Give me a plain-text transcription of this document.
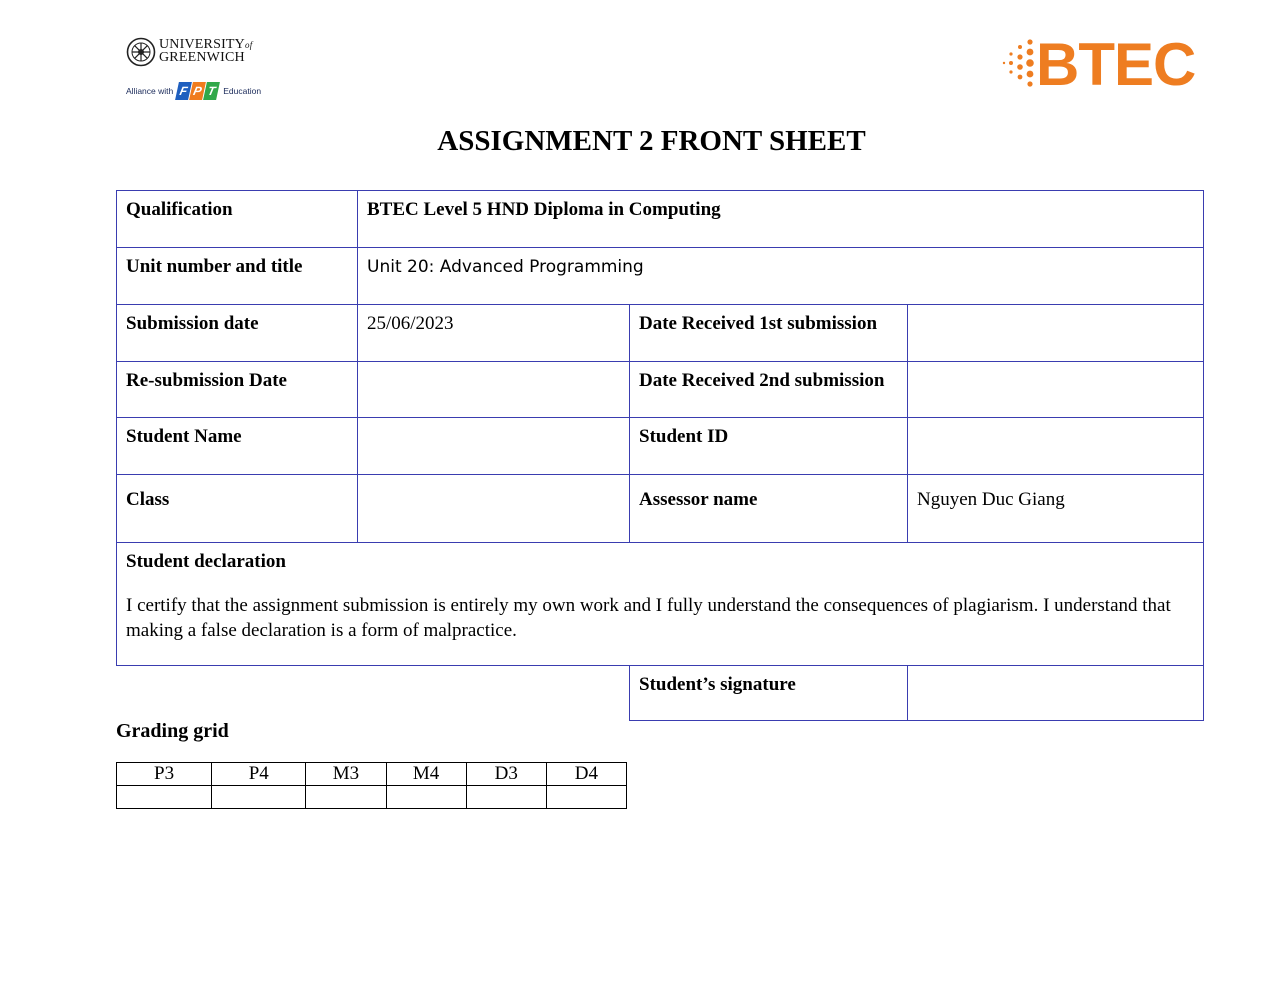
UNIVERSITYof
GREENWICH
Alliance with F P T Education	BTEC
ASSIGNMENT 2 FRONT SHEET
Qualification	BTEC Level 5 HND Diploma in Computing		
Unit number and title	Unit 20: Advanced Programming		
Submission date	25/06/2023	Date Received 1st submission	
Re-submission Date		Date Received 2nd submission	
Student Name		Student ID	
Class		Assessor name	Nguyen Duc Giang

Student declaration
I certify that the assignment submission is entirely my own work and I fully understand the consequences of plagiarism. I understand that making a false declaration is a form of malpractice.			

		Student’s signature	
Grading grid
P3	P4	M3	M4	D3	D4
